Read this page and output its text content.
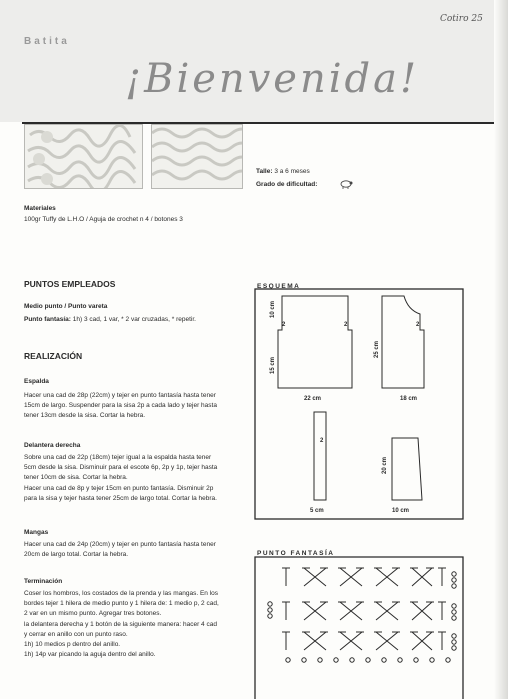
Batita
¡Bienvenida!
Cotiro 25
Talle: 3 a 6 meses
Grado de dificultad:
Materiales
100gr Tuffy de L.H.O / Aguja de crochet n 4 / botones 3
PUNTOS EMPLEADOS
Medio punto / Punto vareta
Punto fantasía: 1h) 3 cad, 1 var, * 2 var cruzadas, * repetir.
REALIZACIÓN
Espalda
Hacer una cad de 28p (22cm) y tejer en punto fantasía hasta tener
15cm de largo. Suspender para la sisa 2p a cada lado y tejer hasta
tener 13cm desde la sisa. Cortar la hebra.
Delantera derecha
Sobre una cad de 22p (18cm) tejer igual a la espalda hasta tener
5cm desde la sisa. Disminuir para el escote 6p, 2p y 1p, tejer hasta
tener 10cm de sisa. Cortar la hebra.
Hacer una cad de 8p y tejer 15cm en punto fantasía. Disminuir 2p
para la sisa y tejer hasta tener 25cm de largo total. Cortar la hebra.
Mangas
Hacer una cad de 24p (20cm) y tejer en punto fantasía hasta tener
20cm de largo total. Cortar la hebra.
Terminación
Coser los hombros, los costados de la prenda y las mangas. En los
bordes tejer 1 hilera de medio punto y 1 hilera de: 1 medio p, 2 cad,
2 var en un mismo punto. Agregar tres botones.
la delantera derecha y 1 botón de la siguiente manera: hacer 4 cad
y cerrar en anillo con un punto raso.
1h) 10 medios p dentro del anillo.
1h) 14p var picando la aguja dentro del anillo.
ESQUEMA
10 cm
2	2
15 cm
22 cm
2
25 cm
18 cm
2
5 cm
20 cm
10 cm
PUNTO FANTASÍA
